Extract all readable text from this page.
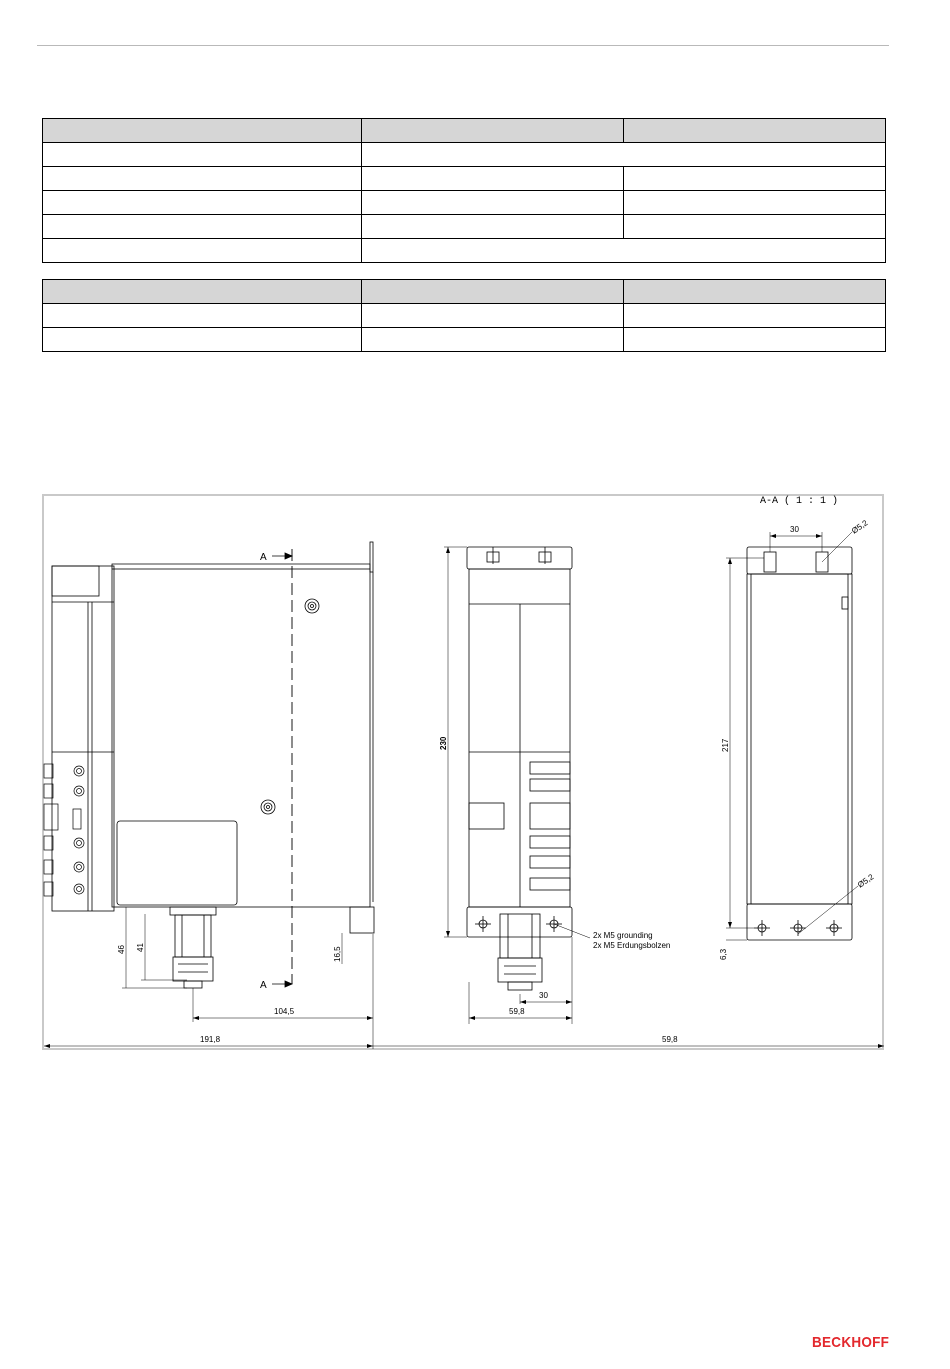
A
A
46 41	16,5
104,5
191,8
230
30
59,8
2x M5 grounding
2x M5 Erdungsbolzen
A-A ( 1 : 1 )
30	Ø5,2
Ø5,2
217
6,3
59,8
BECKHOFF
